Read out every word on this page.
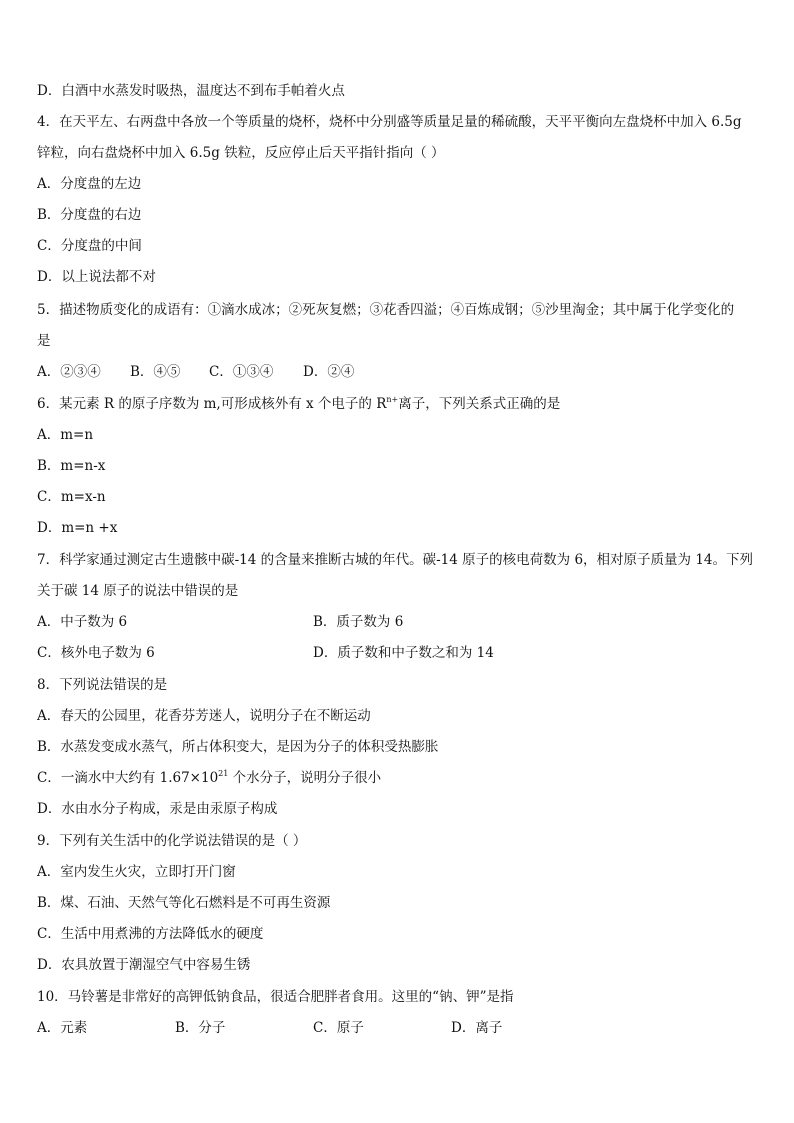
D．白酒中水蒸发时吸热，温度达不到布手帕着火点
4．在天平左、右两盘中各放一个等质量的烧杯，烧杯中分别盛等质量足量的稀硫酸，天平平衡向左盘烧杯中加入 6.5g
锌粒，向右盘烧杯中加入 6.5g 铁粒，反应停止后天平指针指向（ ）
A．分度盘的左边
B．分度盘的右边
C．分度盘的中间
D．以上说法都不对
5．描述物质变化的成语有：①滴水成冰；②死灰复燃；③花香四溢；④百炼成钢；⑤沙里淘金；其中属于化学变化的
是
A．②③④ B．④⑤ C．①③④ D．②④
6．某元素 R 的原子序数为 m,可形成核外有 x 个电子的 $R^{n+}$离子，下列关系式正确的是
A．m=n
B．m=n-x
C．m=x-n
D．m=n +x
7．科学家通过测定古生遗骸中碳-14 的含量来推断古城的年代。碳-14 原子的核电荷数为 6，相对原子质量为 14。下列
关于碳 14 原子的说法中错误的是
A．中子数为 6	B．质子数为 6
C．核外电子数为 6	D．质子数和中子数之和为 14
8．下列说法错误的是
A．春天的公园里，花香芬芳迷人，说明分子在不断运动
B．水蒸发变成水蒸气，所占体积变大，是因为分子的体积受热膨胀
C．一滴水中大约有 $1.67\times 10^{21}$ 个水分子，说明分子很小
D．水由水分子构成，汞是由汞原子构成
9．下列有关生活中的化学说法错误的是（ ）
A．室内发生火灾，立即打开门窗
B．煤、石油、天然气等化石燃料是不可再生资源
C．生活中用煮沸的方法降低水的硬度
D．农具放置于潮湿空气中容易生锈
10．马铃薯是非常好的高钾低钠食品，很适合肥胖者食用。这里的“钠、钾”是指
A．元素	B．分子	C．原子	D．离子
